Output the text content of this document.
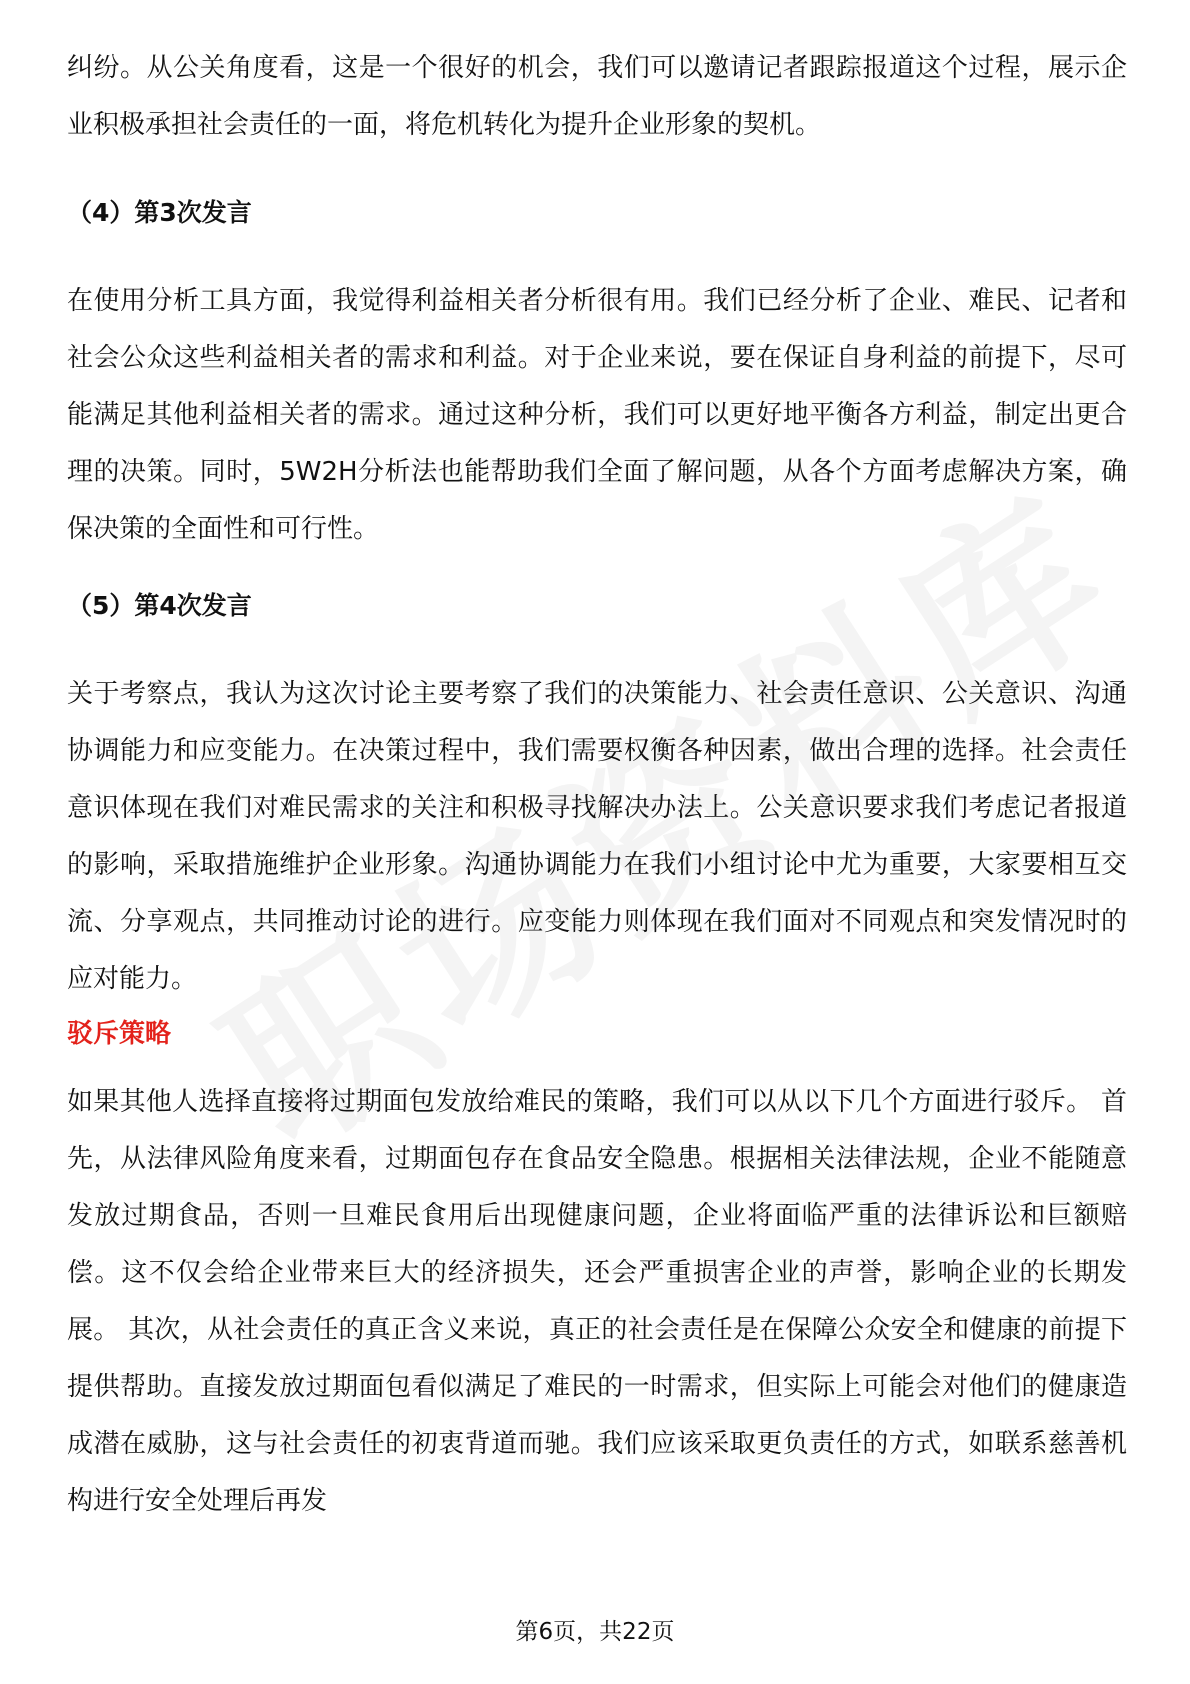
纠纷。从公关角度看，这是一个很好的机会，我们可以邀请记者跟踪报道这个过程，展示企业积极承担社会责任的一面，将危机转化为提升企业形象的契机。

（4）第3次发言

在使用分析工具方面，我觉得利益相关者分析很有用。我们已经分析了企业、难民、记者和社会公众这些利益相关者的需求和利益。对于企业来说，要在保证自身利益的前提下，尽可能满足其他利益相关者的需求。通过这种分析，我们可以更好地平衡各方利益，制定出更合理的决策。同时，5W2H分析法也能帮助我们全面了解问题，从各个方面考虑解决方案，确保决策的全面性和可行性。

（5）第4次发言

关于考察点，我认为这次讨论主要考察了我们的决策能力、社会责任意识、公关意识、沟通协调能力和应变能力。在决策过程中，我们需要权衡各种因素，做出合理的选择。社会责任意识体现在我们对难民需求的关注和积极寻找解决办法上。公关意识要求我们考虑记者报道的影响，采取措施维护企业形象。沟通协调能力在我们小组讨论中尤为重要，大家要相互交流、分享观点，共同推动讨论的进行。应变能力则体现在我们面对不同观点和突发情况时的应对能力。

驳斥策略

如果其他人选择直接将过期面包发放给难民的策略，我们可以从以下几个方面进行驳斥。 首先，从法律风险角度来看，过期面包存在食品安全隐患。根据相关法律法规，企业不能随意发放过期食品，否则一旦难民食用后出现健康问题，企业将面临严重的法律诉讼和巨额赔偿。这不仅会给企业带来巨大的经济损失，还会严重损害企业的声誉，影响企业的长期发展。 其次，从社会责任的真正含义来说，真正的社会责任是在保障公众安全和健康的前提下提供帮助。直接发放过期面包看似满足了难民的一时需求，但实际上可能会对他们的健康造成潜在威胁，这与社会责任的初衷背道而驰。我们应该采取更负责任的方式，如联系慈善机构进行安全处理后再发

第6页，共22页
